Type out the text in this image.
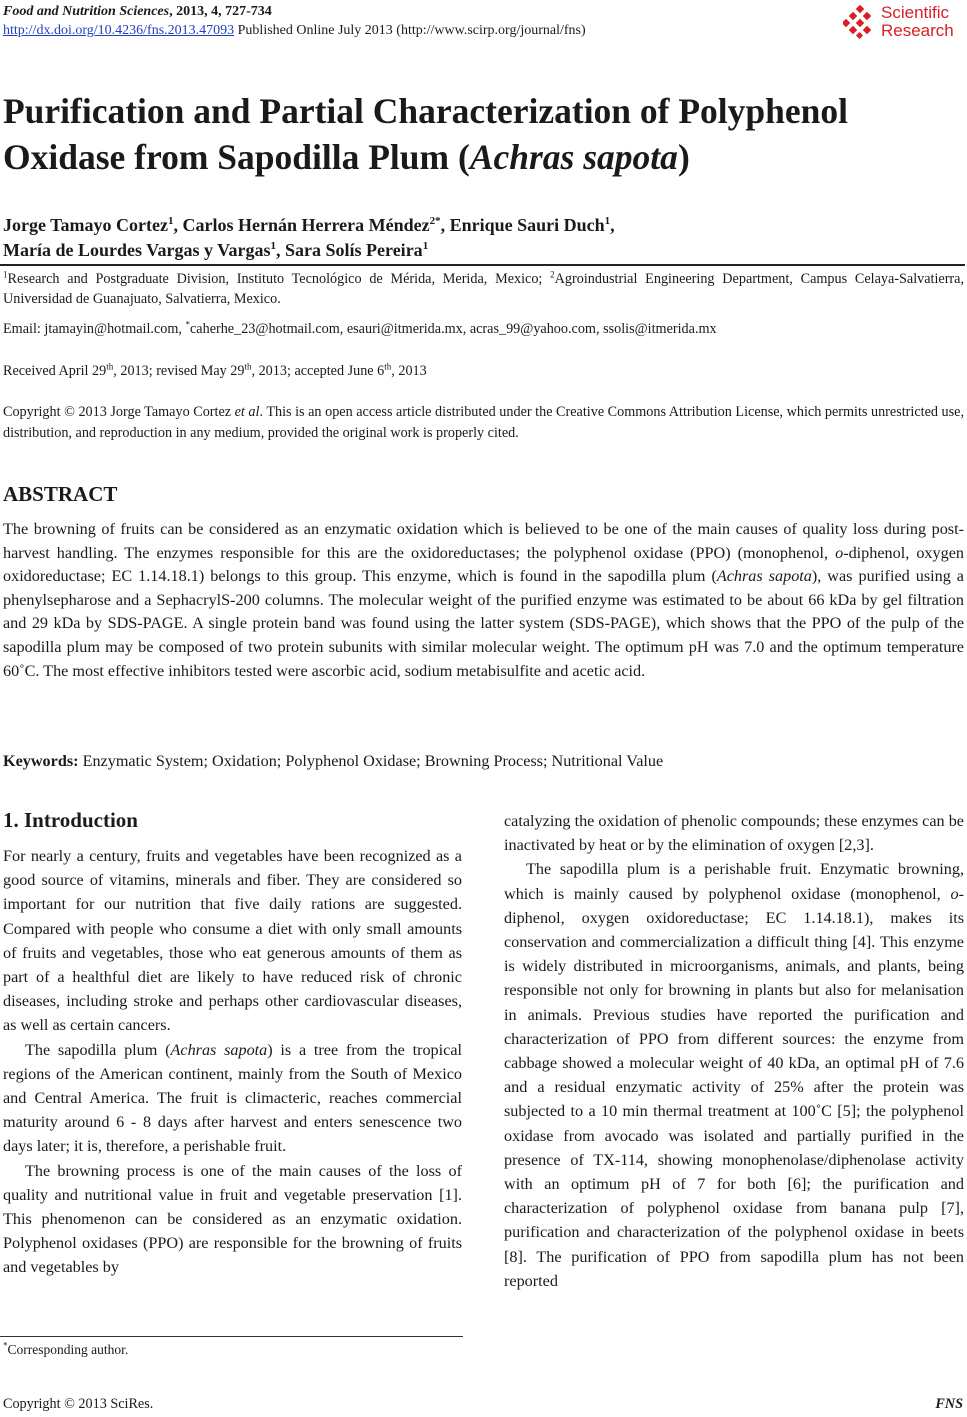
Food and Nutrition Sciences, 2013, 4, 727-734
http://dx.doi.org/10.4236/fns.2013.47093 Published Online July 2013 (http://www.scirp.org/journal/fns)
Scientific
Research
Purification and Partial Characterization of Polyphenol Oxidase from Sapodilla Plum (Achras sapota)
Jorge Tamayo Cortez$^1$, Carlos Hernán Herrera Méndez$^{2*}$, Enrique Sauri Duch$^1$,
María de Lourdes Vargas y Vargas$^1$, Sara Solís Pereira$^1$
$^1$Research and Postgraduate Division, Instituto Tecnológico de Mérida, Merida, Mexico; $^2$Agroindustrial Engineering Department, Campus Celaya-Salvatierra, Universidad de Guanajuato, Salvatierra, Mexico.
Email: jtamayin@hotmail.com, *caherhe_23@hotmail.com, esauri@itmerida.mx, acras_99@yahoo.com, ssolis@itmerida.mx
Received April 29th, 2013; revised May 29th, 2013; accepted June 6th, 2013
Copyright © 2013 Jorge Tamayo Cortez et al. This is an open access article distributed under the Creative Commons Attribution License, which permits unrestricted use, distribution, and reproduction in any medium, provided the original work is properly cited.
ABSTRACT
The browning of fruits can be considered as an enzymatic oxidation which is believed to be one of the main causes of quality loss during post-harvest handling. The enzymes responsible for this are the oxidoreductases; the polyphenol oxidase (PPO) (monophenol, o-diphenol, oxygen oxidoreductase; EC 1.14.18.1) belongs to this group. This enzyme, which is found in the sapodilla plum (Achras sapota), was purified using a phenylsepharose and a SephacrylS-200 columns. The molecular weight of the purified enzyme was estimated to be about 66 kDa by gel filtration and 29 kDa by SDS-PAGE. A single protein band was found using the latter system (SDS-PAGE), which shows that the PPO of the pulp of the sapodilla plum may be composed of two protein subunits with similar molecular weight. The optimum pH was 7.0 and the optimum temperature 60˚C. The most effective inhibitors tested were ascorbic acid, sodium metabisulfite and acetic acid.
Keywords: Enzymatic System; Oxidation; Polyphenol Oxidase; Browning Process; Nutritional Value
1. Introduction

For nearly a century, fruits and vegetables have been recognized as a good source of vitamins, minerals and fiber. They are considered so important for our nutrition that five daily rations are suggested. Compared with people who consume a diet with only small amounts of fruits and vegetables, those who eat generous amounts of them as part of a healthful diet are likely to have reduced risk of chronic diseases, including stroke and perhaps other cardiovascular diseases, as well as certain cancers.

The sapodilla plum (Achras sapota) is a tree from the tropical regions of the American continent, mainly from the South of Mexico and Central America. The fruit is climacteric, reaches commercial maturity around 6 - 8 days after harvest and enters senescence two days later; it is, therefore, a perishable fruit.

The browning process is one of the main causes of the loss of quality and nutritional value in fruit and vegetable preservation [1]. This phenomenon can be considered as an enzymatic oxidation. Polyphenol oxidases (PPO) are responsible for the browning of fruits and vegetables by

catalyzing the oxidation of phenolic compounds; these enzymes can be inactivated by heat or by the elimination of oxygen [2,3].

The sapodilla plum is a perishable fruit. Enzymatic browning, which is mainly caused by polyphenol oxidase (monophenol, o-diphenol, oxygen oxidoreductase; EC 1.14.18.1), makes its conservation and commercialization a difficult thing [4]. This enzyme is widely distributed in microorganisms, animals, and plants, being responsible not only for browning in plants but also for melanisation in animals. Previous studies have reported the purification and characterization of PPO from different sources: the enzyme from cabbage showed a molecular weight of 40 kDa, an optimal pH of 7.6 and a residual enzymatic activity of 25% after the protein was subjected to a 10 min thermal treatment at 100˚C [5]; the polyphenol oxidase from avocado was isolated and partially purified in the presence of TX-114, showing monophenolase/diphenolase activity with an optimum pH of 7 for both [6]; the purification and characterization of polyphenol oxidase from banana pulp [7], purification and characterization of the polyphenol oxidase in beets [8]. The purification of PPO from sapodilla plum has not been reported

*Corresponding author.
Copyright © 2013 SciRes.	FNS
